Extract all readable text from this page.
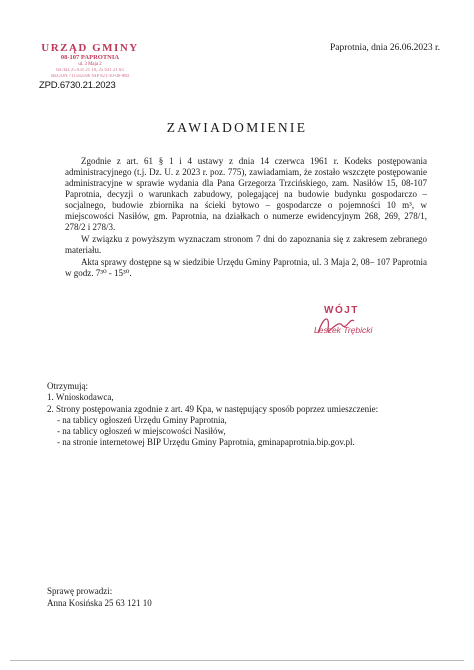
URZĄD GMINY
08-107 PAPROTNIA
ul. 3 Maja 2
tel./fax 25 631 21 10, 25 631 21 03
REGON 711582566 NIP 821-10-06-880
ZPD.6730.21.2023
Paprotnia, dnia 26.06.2023 r.
ZAWIADOMIENIE

Zgodnie z art. 61 § 1 i 4 ustawy z dnia 14 czerwca 1961 r. Kodeks postępowania administracyjnego (t.j. Dz. U. z 2023 r. poz. 775), zawiadamiam, że zostało wszczęte postępowanie administracyjne w sprawie wydania dla Pana Grzegorza Trzcińskiego, zam. Nasiłów 15, 08-107 Paprotnia, decyzji o warunkach zabudowy, polegającej na budowie budynku gospodarczo – socjalnego, budowie zbiornika na ścieki bytowo – gospodarcze o pojemności 10 m³, w miejscowości Nasiłów, gm. Paprotnia, na działkach o numerze ewidencyjnym 268, 269, 278/1, 278/2 i 278/3.

W związku z powyższym wyznaczam stronom 7 dni do zapoznania się z zakresem zebranego materiału.

Akta sprawy dostępne są w siedzibie Urzędu Gminy Paprotnia, ul. 3 Maja 2, 08– 107 Paprotnia w godz. 7³⁰ - 15³⁰.

WÓJT
Leszek Trębicki
Otrzymują:
1. Wnioskodawca,
2. Strony postępowania zgodnie z art. 49 Kpa, w następujący sposób poprzez umieszczenie:
- na tablicy ogłoszeń Urzędu Gminy Paprotnia,
- na tablicy ogłoszeń w miejscowości Nasiłów,
- na stronie internetowej BIP Urzędu Gminy Paprotnia, gminapaprotnia.bip.gov.pl.
Sprawę prowadzi:
Anna Kosińska 25 63 121 10
